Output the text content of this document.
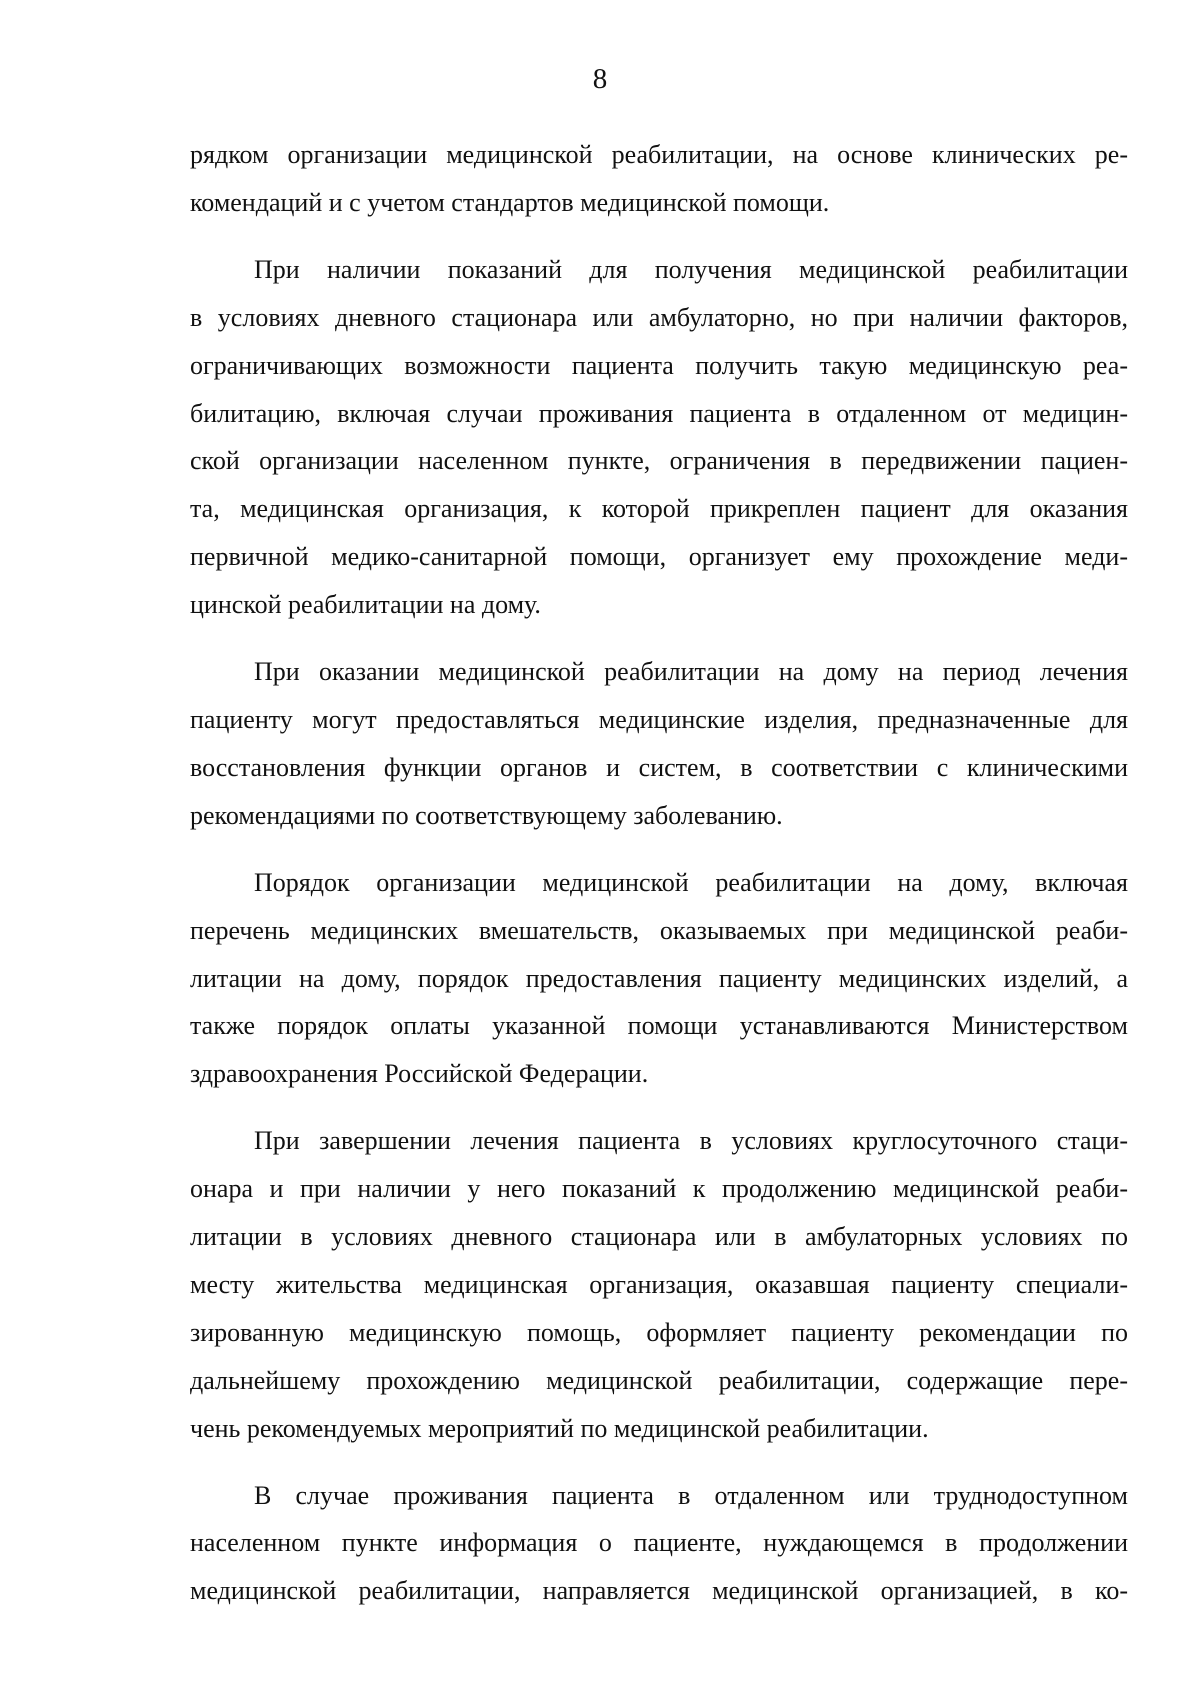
8

рядком организации медицинской реабилитации, на основе клинических ре-
комендаций и с учетом стандартов медицинской помощи.

При наличии показаний для получения медицинской реабилитации
в условиях дневного стационара или амбулаторно, но при наличии факторов,
ограничивающих возможности пациента получить такую медицинскую реа-
билитацию, включая случаи проживания пациента в отдаленном от медицин-
ской организации населенном пункте, ограничения в передвижении пациен-
та, медицинская организация, к которой прикреплен пациент для оказания
первичной медико-санитарной помощи, организует ему прохождение меди-
цинской реабилитации на дому.

При оказании медицинской реабилитации на дому на период лечения
пациенту могут предоставляться медицинские изделия, предназначенные для
восстановления функции органов и систем, в соответствии с клиническими
рекомендациями по соответствующему заболеванию.

Порядок организации медицинской реабилитации на дому, включая
перечень медицинских вмешательств, оказываемых при медицинской реаби-
литации на дому, порядок предоставления пациенту медицинских изделий, а
также порядок оплаты указанной помощи устанавливаются Министерством
здравоохранения Российской Федерации.

При завершении лечения пациента в условиях круглосуточного стаци-
онара и при наличии у него показаний к продолжению медицинской реаби-
литации в условиях дневного стационара или в амбулаторных условиях по
месту жительства медицинская организация, оказавшая пациенту специали-
зированную медицинскую помощь, оформляет пациенту рекомендации по
дальнейшему прохождению медицинской реабилитации, содержащие пере-
чень рекомендуемых мероприятий по медицинской реабилитации.

В случае проживания пациента в отдаленном или труднодоступном
населенном пункте информация о пациенте, нуждающемся в продолжении
медицинской реабилитации, направляется медицинской организацией, в ко-
